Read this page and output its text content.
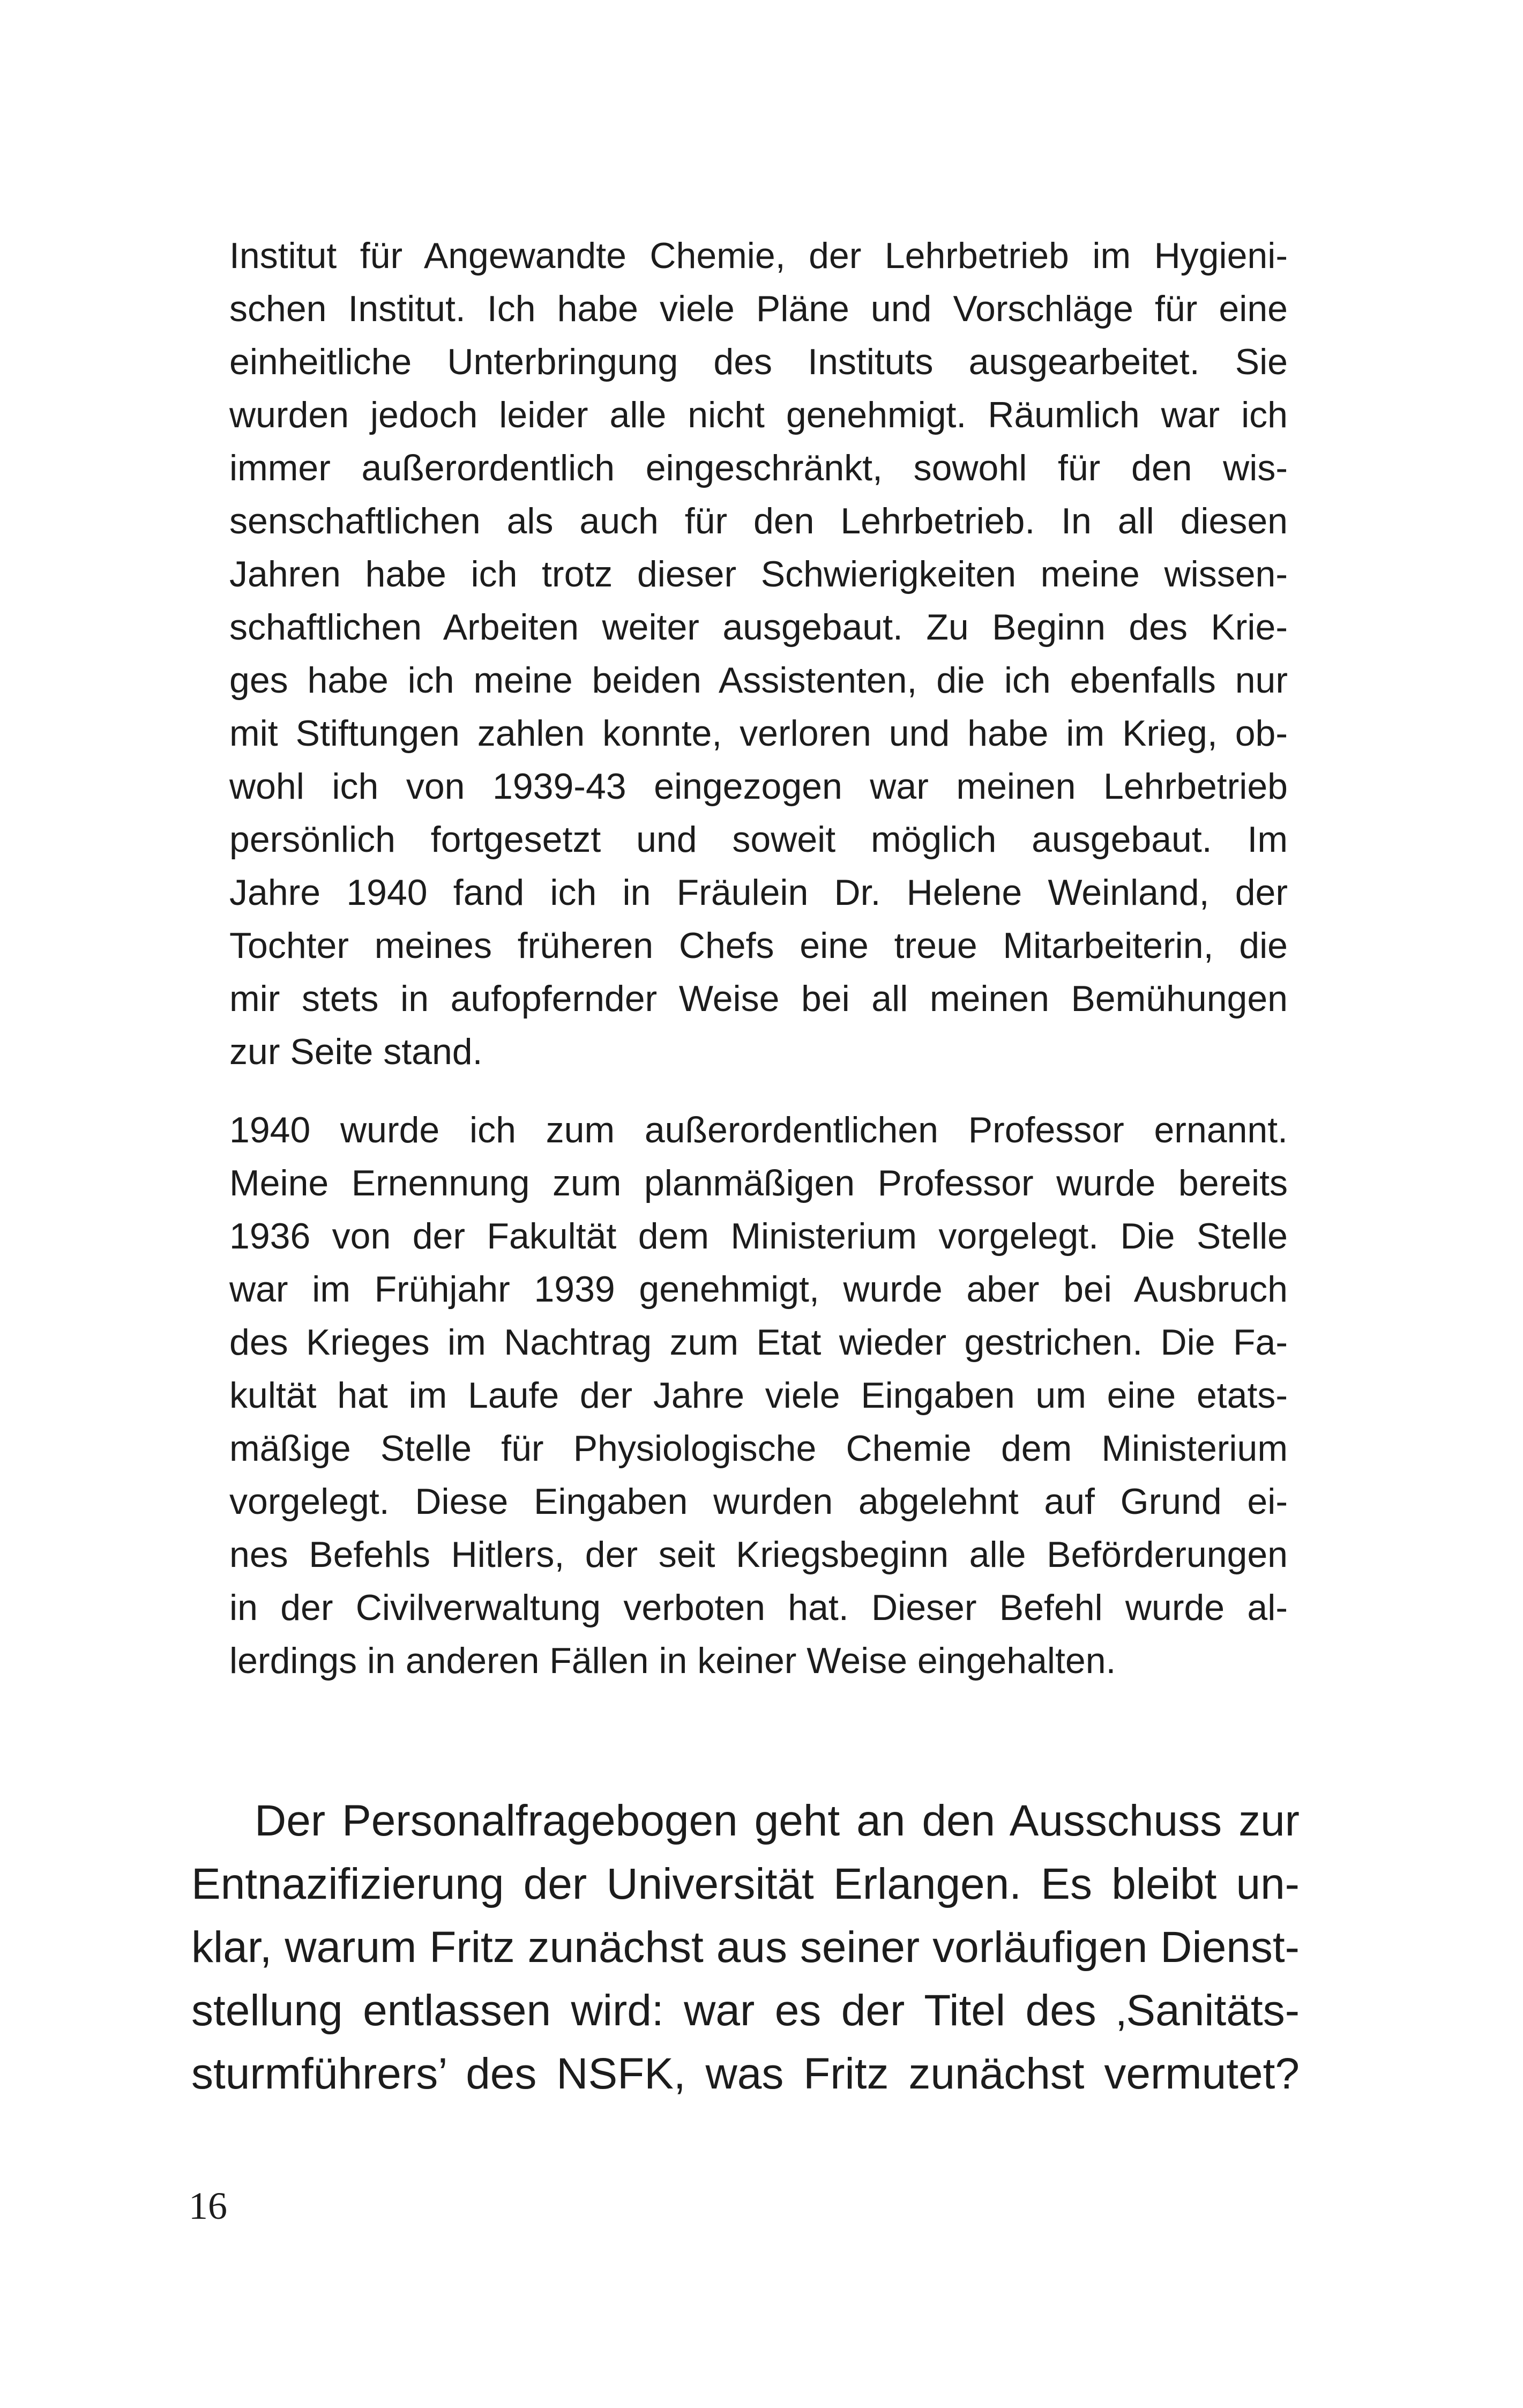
Institut für Angewandte Chemie, der Lehrbetrieb im Hygieni-
schen Institut. Ich habe viele Pläne und Vorschläge für eine
einheitliche Unterbringung des Instituts ausgearbeitet. Sie
wurden jedoch leider alle nicht genehmigt. Räumlich war ich
immer außerordentlich eingeschränkt, sowohl für den wis-
senschaftlichen als auch für den Lehrbetrieb. In all diesen
Jahren habe ich trotz dieser Schwierigkeiten meine wissen-
schaftlichen Arbeiten weiter ausgebaut. Zu Beginn des Krie-
ges habe ich meine beiden Assistenten, die ich ebenfalls nur
mit Stiftungen zahlen konnte, verloren und habe im Krieg, ob-
wohl ich von 1939-43 eingezogen war meinen Lehrbetrieb
persönlich fortgesetzt und soweit möglich ausgebaut. Im
Jahre 1940 fand ich in Fräulein Dr. Helene Weinland, der
Tochter meines früheren Chefs eine treue Mitarbeiterin, die
mir stets in aufopfernder Weise bei all meinen Bemühungen
zur Seite stand.
1940 wurde ich zum außerordentlichen Professor ernannt.
Meine Ernennung zum planmäßigen Professor wurde bereits
1936 von der Fakultät dem Ministerium vorgelegt. Die Stelle
war im Frühjahr 1939 genehmigt, wurde aber bei Ausbruch
des Krieges im Nachtrag zum Etat wieder gestrichen. Die Fa-
kultät hat im Laufe der Jahre viele Eingaben um eine etats-
mäßige Stelle für Physiologische Chemie dem Ministerium
vorgelegt. Diese Eingaben wurden abgelehnt auf Grund ei-
nes Befehls Hitlers, der seit Kriegsbeginn alle Beförderungen
in der Civilverwaltung verboten hat. Dieser Befehl wurde al-
lerdings in anderen Fällen in keiner Weise eingehalten.
Der Personalfragebogen geht an den Ausschuss zur
Entnazifizierung der Universität Erlangen. Es bleibt un-
klar, warum Fritz zunächst aus seiner vorläufigen Dienst-
stellung entlassen wird: war es der Titel des ‚Sanitäts-
sturmführers’ des NSFK, was Fritz zunächst vermutet?
16
